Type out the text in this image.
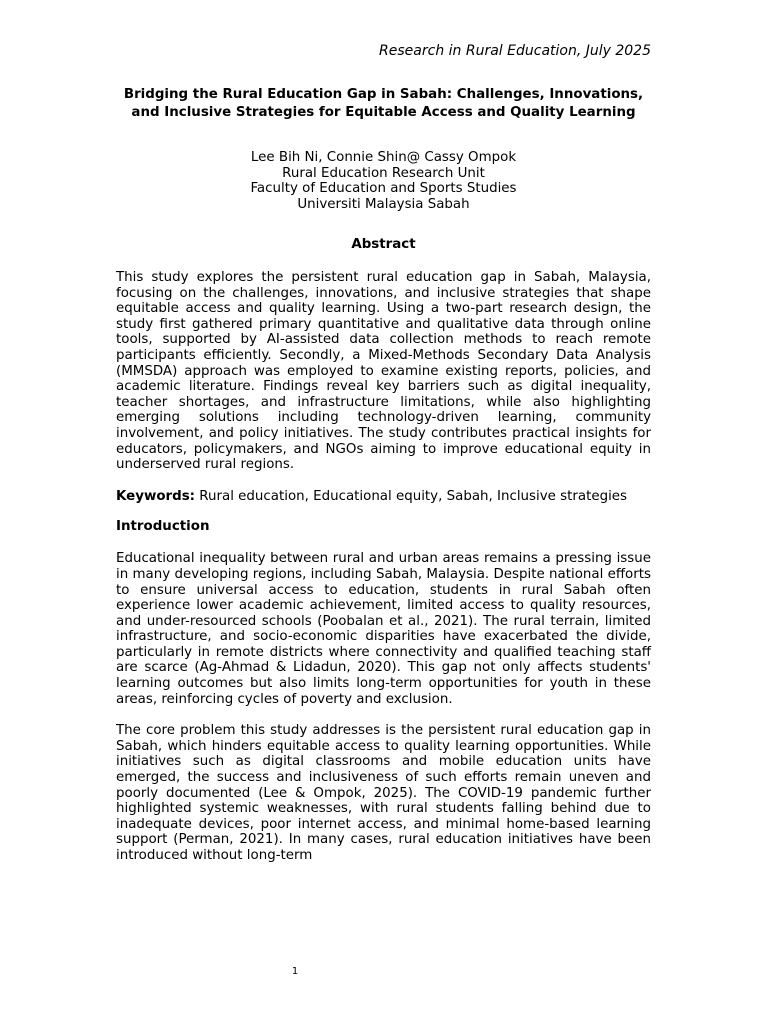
Research in Rural Education, July 2025

Bridging the Rural Education Gap in Sabah: Challenges, Innovations, and Inclusive Strategies for Equitable Access and Quality Learning
Lee Bih Ni, Connie Shin@ Cassy Ompok
Rural Education Research Unit
Faculty of Education and Sports Studies
Universiti Malaysia Sabah
Abstract

This study explores the persistent rural education gap in Sabah, Malaysia, focusing on the challenges, innovations, and inclusive strategies that shape equitable access and quality learning. Using a two-part research design, the study first gathered primary quantitative and qualitative data through online tools, supported by AI-assisted data collection methods to reach remote participants efficiently. Secondly, a Mixed-Methods Secondary Data Analysis (MMSDA) approach was employed to examine existing reports, policies, and academic literature. Findings reveal key barriers such as digital inequality, teacher shortages, and infrastructure limitations, while also highlighting emerging solutions including technology-driven learning, community involvement, and policy initiatives. The study contributes practical insights for educators, policymakers, and NGOs aiming to improve educational equity in underserved rural regions.

Keywords: Rural education, Educational equity, Sabah, Inclusive strategies

Introduction

Educational inequality between rural and urban areas remains a pressing issue in many developing regions, including Sabah, Malaysia. Despite national efforts to ensure universal access to education, students in rural Sabah often experience lower academic achievement, limited access to quality resources, and under-resourced schools (Poobalan et al., 2021). The rural terrain, limited infrastructure, and socio-economic disparities have exacerbated the divide, particularly in remote districts where connectivity and qualified teaching staff are scarce (Ag-Ahmad & Lidadun, 2020). This gap not only affects students' learning outcomes but also limits long-term opportunities for youth in these areas, reinforcing cycles of poverty and exclusion.

The core problem this study addresses is the persistent rural education gap in Sabah, which hinders equitable access to quality learning opportunities. While initiatives such as digital classrooms and mobile education units have emerged, the success and inclusiveness of such efforts remain uneven and poorly documented (Lee & Ompok, 2025). The COVID-19 pandemic further highlighted systemic weaknesses, with rural students falling behind due to inadequate devices, poor internet access, and minimal home-based learning support (Perman, 2021). In many cases, rural education initiatives have been introduced without long-term

1
